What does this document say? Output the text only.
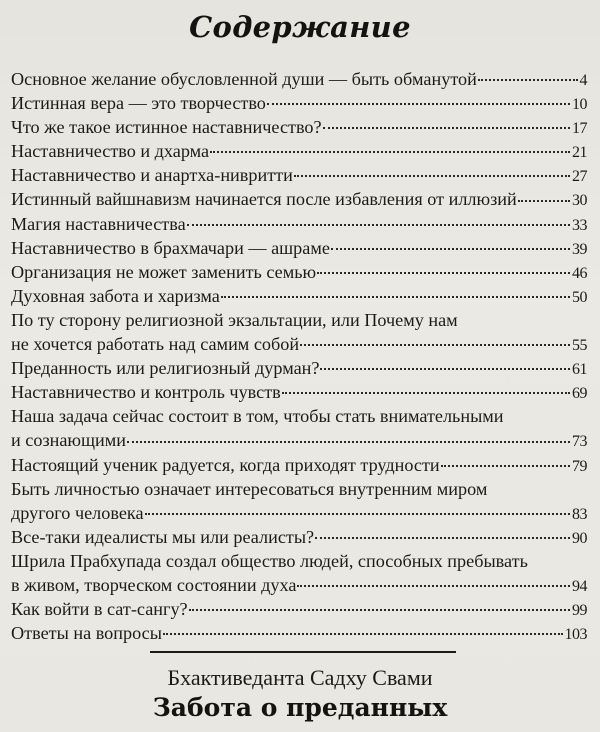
Содержание
Основное желание обусловленной души — быть обманутой	4
Истинная вера — это творчество	10
Что же такое истинное наставничество?	17
Наставничество и дхарма	21
Наставничество и анартха-нивритти	27
Истинный вайшнавизм начинается после избавления от иллюзий	30
Магия наставничества	33
Наставничество в брахмачари — ашраме	39
Организация не может заменить семью	46
Духовная забота и харизма	50
По ту сторону религиозной экзальтации, или Почему нам
не хочется работать над самим собой	55
Преданность или религиозный дурман?	61
Наставничество и контроль чувств	69
Наша задача сейчас состоит в том, чтобы стать внимательными
и сознающими	73
Настоящий ученик радуется, когда приходят трудности	79
Быть личностью означает интересоваться внутренним миром
другого человека	83
Все-таки идеалисты мы или реалисты?	90
Шрила Прабхупада создал общество людей, способных пребывать
в живом, творческом состоянии духа	94
Как войти в сат-сангу?	99
Ответы на вопросы	103
Бхактиведанта Садху Свами
Забота о преданных
